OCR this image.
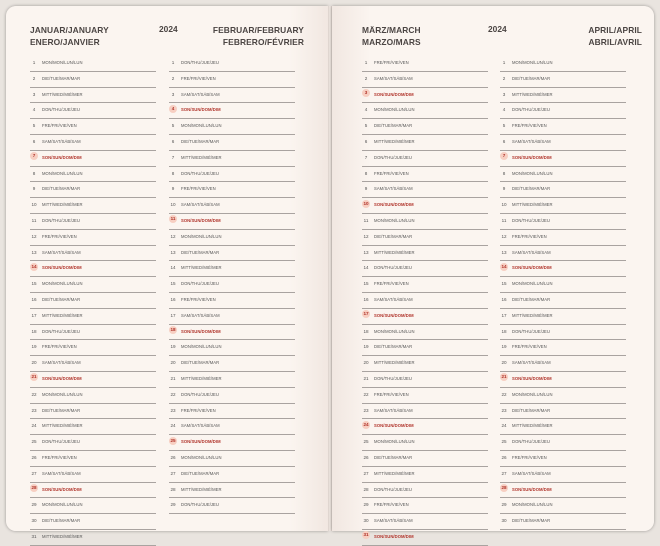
JANUAR/JANUARY
ENERO/JANVIER
2024	FEBRUAR/FEBRUARY
FEBRERO/FÉVRIER
1	MON/MON/LUN/LUN
2	DIE/TUE/MAR/MAR
3	MITT/WED/MIÉ/MER
4	DON/THU/JUE/JEU
5	FRE/FRI/VIE/VEN
6	SAM/SAT/SÁB/SAM
7	SON/SUN/DOM/DIM
8	MON/MON/LUN/LUN
9	DIE/TUE/MAR/MAR
10	MITT/WED/MIÉ/MER
11	DON/THU/JUE/JEU
12	FRE/FRI/VIE/VEN
13	SAM/SAT/SÁB/SAM
14	SON/SUN/DOM/DIM
15	MON/MON/LUN/LUN
16	DIE/TUE/MAR/MAR
17	MITT/WED/MIÉ/MER
18	DON/THU/JUE/JEU
19	FRE/FRI/VIE/VEN
20	SAM/SAT/SÁB/SAM
21	SON/SUN/DOM/DIM
22	MON/MON/LUN/LUN
23	DIE/TUE/MAR/MAR
24	MITT/WED/MIÉ/MER
25	DON/THU/JUE/JEU
26	FRE/FRI/VIE/VEN
27	SAM/SAT/SÁB/SAM
28	SON/SUN/DOM/DIM
29	MON/MON/LUN/LUN
30	DIE/TUE/MAR/MAR
31	MITT/WED/MIÉ/MER
1	DON/THU/JUE/JEU
2	FRE/FRI/VIE/VEN
3	SAM/SAT/SÁB/SAM
4	SON/SUN/DOM/DIM
5	MON/MON/LUN/LUN
6	DIE/TUE/MAR/MAR
7	MITT/WED/MIÉ/MER
8	DON/THU/JUE/JEU
9	FRE/FRI/VIE/VEN
10	SAM/SAT/SÁB/SAM
11	SON/SUN/DOM/DIM
12	MON/MON/LUN/LUN
13	DIE/TUE/MAR/MAR
14	MITT/WED/MIÉ/MER
15	DON/THU/JUE/JEU
16	FRE/FRI/VIE/VEN
17	SAM/SAT/SÁB/SAM
18	SON/SUN/DOM/DIM
19	MON/MON/LUN/LUN
20	DIE/TUE/MAR/MAR
21	MITT/WED/MIÉ/MER
22	DON/THU/JUE/JEU
23	FRE/FRI/VIE/VEN
24	SAM/SAT/SÁB/SAM
25	SON/SUN/DOM/DIM
26	MON/MON/LUN/LUN
27	DIE/TUE/MAR/MAR
28	MITT/WED/MIÉ/MER
29	DON/THU/JUE/JEU
MÄRZ/MARCH
MARZO/MARS
2024	APRIL/APRIL
ABRIL/AVRIL
1	FRE/FRI/VIE/VEN
2	SAM/SAT/SÁB/SAM
3	SON/SUN/DOM/DIM
4	MON/MON/LUN/LUN
5	DIE/TUE/MAR/MAR
6	MITT/WED/MIÉ/MER
7	DON/THU/JUE/JEU
8	FRE/FRI/VIE/VEN
9	SAM/SAT/SÁB/SAM
10	SON/SUN/DOM/DIM
11	MON/MON/LUN/LUN
12	DIE/TUE/MAR/MAR
13	MITT/WED/MIÉ/MER
14	DON/THU/JUE/JEU
15	FRE/FRI/VIE/VEN
16	SAM/SAT/SÁB/SAM
17	SON/SUN/DOM/DIM
18	MON/MON/LUN/LUN
19	DIE/TUE/MAR/MAR
20	MITT/WED/MIÉ/MER
21	DON/THU/JUE/JEU
22	FRE/FRI/VIE/VEN
23	SAM/SAT/SÁB/SAM
24	SON/SUN/DOM/DIM
25	MON/MON/LUN/LUN
26	DIE/TUE/MAR/MAR
27	MITT/WED/MIÉ/MER
28	DON/THU/JUE/JEU
29	FRE/FRI/VIE/VEN
30	SAM/SAT/SÁB/SAM
31	SON/SUN/DOM/DIM
1	MON/MON/LUN/LUN
2	DIE/TUE/MAR/MAR
3	MITT/WED/MIÉ/MER
4	DON/THU/JUE/JEU
5	FRE/FRI/VIE/VEN
6	SAM/SAT/SÁB/SAM
7	SON/SUN/DOM/DIM
8	MON/MON/LUN/LUN
9	DIE/TUE/MAR/MAR
10	MITT/WED/MIÉ/MER
11	DON/THU/JUE/JEU
12	FRE/FRI/VIE/VEN
13	SAM/SAT/SÁB/SAM
14	SON/SUN/DOM/DIM
15	MON/MON/LUN/LUN
16	DIE/TUE/MAR/MAR
17	MITT/WED/MIÉ/MER
18	DON/THU/JUE/JEU
19	FRE/FRI/VIE/VEN
20	SAM/SAT/SÁB/SAM
21	SON/SUN/DOM/DIM
22	MON/MON/LUN/LUN
23	DIE/TUE/MAR/MAR
24	MITT/WED/MIÉ/MER
25	DON/THU/JUE/JEU
26	FRE/FRI/VIE/VEN
27	SAM/SAT/SÁB/SAM
28	SON/SUN/DOM/DIM
29	MON/MON/LUN/LUN
30	DIE/TUE/MAR/MAR
